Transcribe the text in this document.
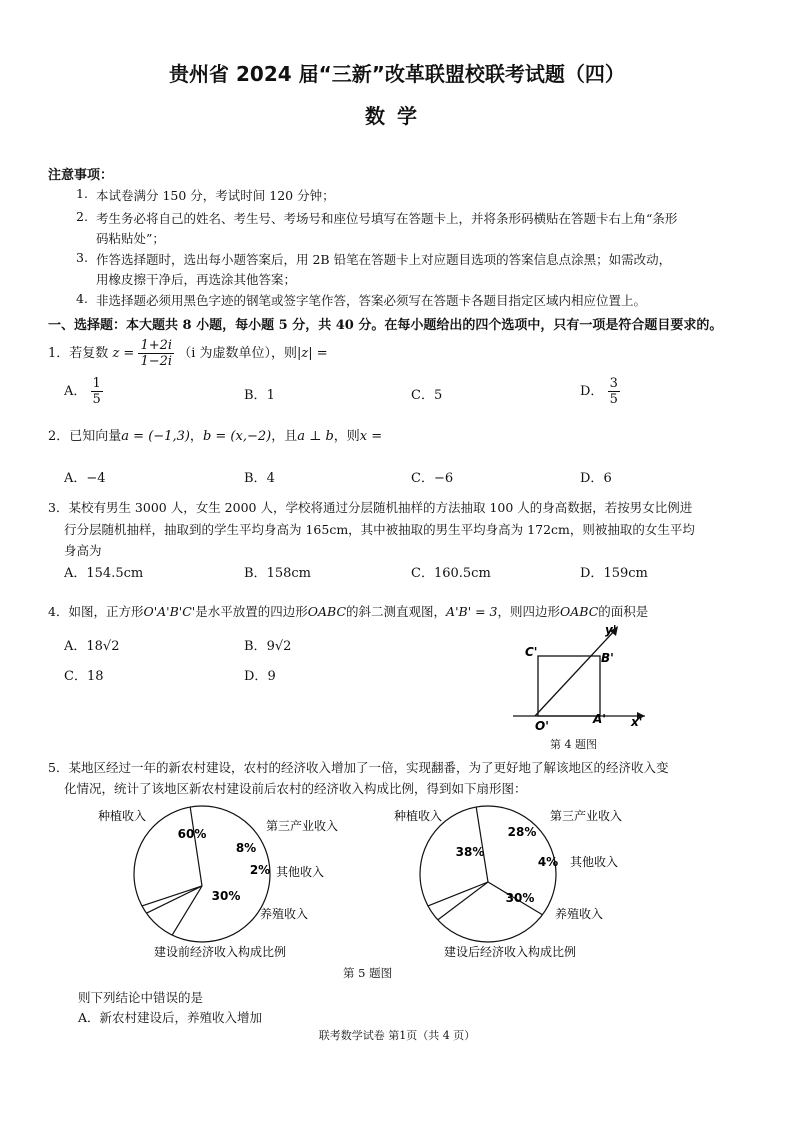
贵州省 2024 届“三新”改革联盟校联考试题（四）
数学
注意事项：
1. 本试卷满分 150 分，考试时间 120 分钟；
2. 考生务必将自己的姓名、考生号、考场号和座位号填写在答题卡上，并将条形码横贴在答题卡右上角“条形
码粘贴处”；
3. 作答选择题时，选出每小题答案后，用 2B 铅笔在答题卡上对应题目选项的答案信息点涂黑；如需改动，
用橡皮擦干净后，再选涂其他答案；
4. 非选择题必须用黑色字迹的钢笔或签字笔作答，答案必须写在答题卡各题目指定区域内相应位置上。
一、选择题：本大题共 8 小题，每小题 5 分，共 40 分。在每小题给出的四个选项中，只有一项是符合题目要求的。
1．若复数 $z = \frac{1+2i}{1-2i} (i$ 为虚数单位），则|z| =
A． $\frac{1}{5}$	B．1	C．5	D． $\frac{3}{5}$
2．已知向量a = (−1,3)，b = (x,−2)，且a ⊥ b，则x =
A．−4	B．4	C．−6	D．6
3．某校有男生 3000 人，女生 2000 人，学校将通过分层随机抽样的方法抽取 100 人的身高数据，若按男女比例进
行分层随机抽样，抽取到的学生平均身高为 165cm，其中被抽取的男生平均身高为 172cm，则被抽取的女生平均
身高为
A．154.5cm	B．158cm	C．160.5cm	D．159cm
4．如图，正方形O'A'B'C'是水平放置的四边形OABC的斜二测直观图，A'B' = 3，则四边形OABC的面积是
A．18√2	B．9√2
C．18	D．9
C'	B'
O'	A' x'
y'
第 4 题图
5．某地区经过一年的新农村建设，农村的经济收入增加了一倍，实现翻番，为了更好地了解该地区的经济收入变
化情况，统计了该地区新农村建设前后农村的经济收入构成比例，得到如下扇形图：
60%
8%
2%
30%
种植收入
第三产业收入
其他收入
养殖收入
建设前经济收入构成比例
38%
28%
4%
30%
种植收入	第三产业收入
其他收入
养殖收入
建设后经济收入构成比例
第 5 题图
则下列结论中错误的是
A．新农村建设后，养殖收入增加
联考数学试卷 第1页（共 4 页）
